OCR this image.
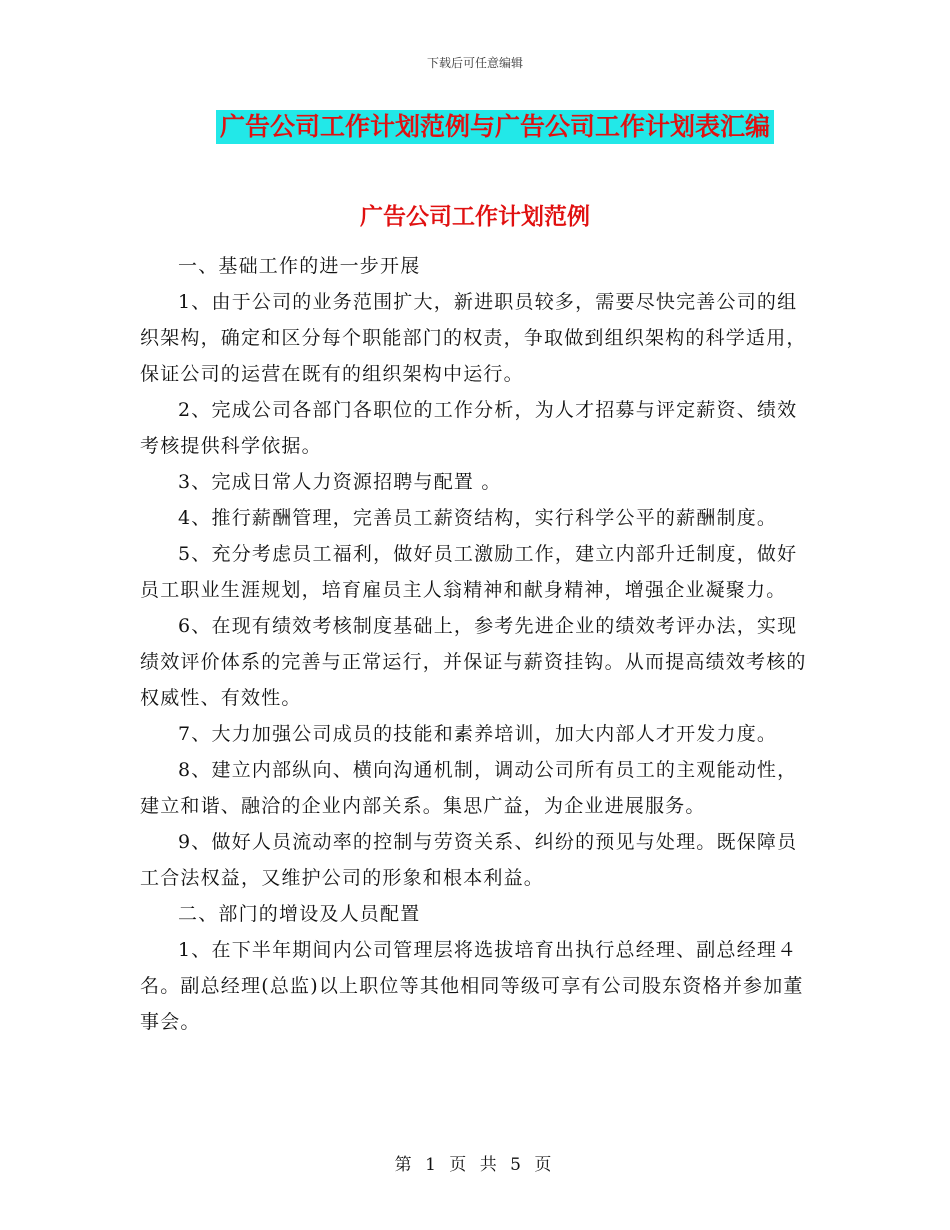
下载后可任意编辑
广告公司工作计划范例与广告公司工作计划表汇编
广告公司工作计划范例

一、基础工作的进一步开展

1、由于公司的业务范围扩大，新进职员较多，需要尽快完善公司的组织架构，确定和区分每个职能部门的权责，争取做到组织架构的科学适用，保证公司的运营在既有的组织架构中运行。

2、完成公司各部门各职位的工作分析，为人才招募与评定薪资、绩效考核提供科学依据。

3、完成日常人力资源招聘与配置 。

4、推行薪酬管理，完善员工薪资结构，实行科学公平的薪酬制度。

5、充分考虑员工福利，做好员工激励工作，建立内部升迁制度，做好员工职业生涯规划，培育雇员主人翁精神和献身精神，增强企业凝聚力。

6、在现有绩效考核制度基础上，参考先进企业的绩效考评办法，实现绩效评价体系的完善与正常运行，并保证与薪资挂钩。从而提高绩效考核的权威性、有效性。

7、大力加强公司成员的技能和素养培训，加大内部人才开发力度。

8、建立内部纵向、横向沟通机制，调动公司所有员工的主观能动性，建立和谐、融洽的企业内部关系。集思广益，为企业进展服务。

9、做好人员流动率的控制与劳资关系、纠纷的预见与处理。既保障员工合法权益，又维护公司的形象和根本利益。

二、部门的增设及人员配置

1、在下半年期间内公司管理层将选拔培育出执行总经理、副总经理４名。副总经理(总监)以上职位等其他相同等级可享有公司股东资格并参加董事会。

第 1 页 共 5 页
